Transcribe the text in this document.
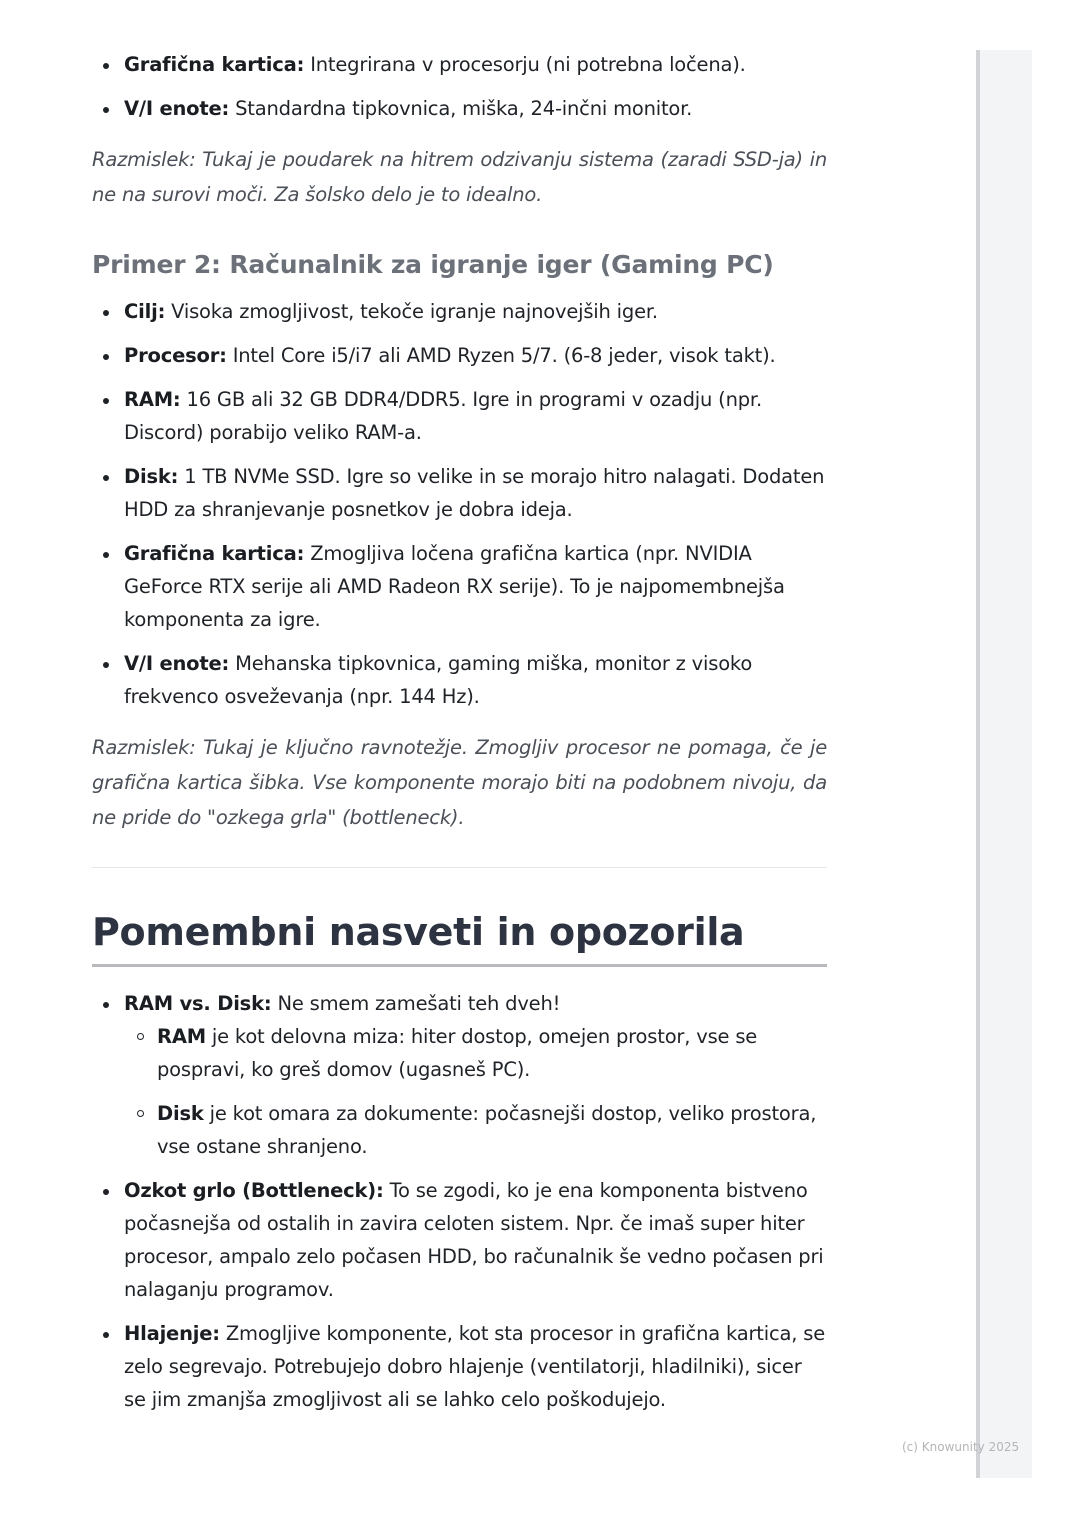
Grafična kartica: Integrirana v procesorju (ni potrebna ločena).
V/I enote: Standardna tipkovnica, miška, 24-inčni monitor.

Razmislek: Tukaj je poudarek na hitrem odzivanju sistema (zaradi SSD-ja) in ne na surovi moči. Za šolsko delo je to idealno.

Primer 2: Računalnik za igranje iger (Gaming PC)
Cilj: Visoka zmogljivost, tekoče igranje najnovejših iger.
Procesor: Intel Core i5/i7 ali AMD Ryzen 5/7. (6-8 jeder, visok takt).
RAM: 16 GB ali 32 GB DDR4/DDR5. Igre in programi v ozadju (npr. Discord) porabijo veliko RAM-a.
Disk: 1 TB NVMe SSD. Igre so velike in se morajo hitro nalagati. Dodaten HDD za shranjevanje posnetkov je dobra ideja.
Grafična kartica: Zmogljiva ločena grafična kartica (npr. NVIDIA GeForce RTX serije ali AMD Radeon RX serije). To je najpomembnejša komponenta za igre.
V/I enote: Mehanska tipkovnica, gaming miška, monitor z visoko frekvenco osveževanja (npr. 144 Hz).

Razmislek: Tukaj je ključno ravnotežje. Zmogljiv procesor ne pomaga, če je grafična kartica šibka. Vse komponente morajo biti na podobnem nivoju, da ne pride do "ozkega grla" (bottleneck).

Pomembni nasveti in opozorila
RAM vs. Disk: Ne smem zamešati teh dveh!
RAM je kot delovna miza: hiter dostop, omejen prostor, vse se pospravi, ko greš domov (ugasneš PC).
Disk je kot omara za dokumente: počasnejši dostop, veliko prostora, vse ostane shranjeno.
Ozkot grlo (Bottleneck): To se zgodi, ko je ena komponenta bistveno počasnejša od ostalih in zavira celoten sistem. Npr. če imaš super hiter procesor, ampalo zelo počasen HDD, bo računalnik še vedno počasen pri nalaganju programov.
Hlajenje: Zmogljive komponente, kot sta procesor in grafična kartica, se zelo segrevajo. Potrebujejo dobro hlajenje (ventilatorji, hladilniki), sicer se jim zmanjša zmogljivost ali se lahko celo poškodujejo.
(c) Knowunity 2025
